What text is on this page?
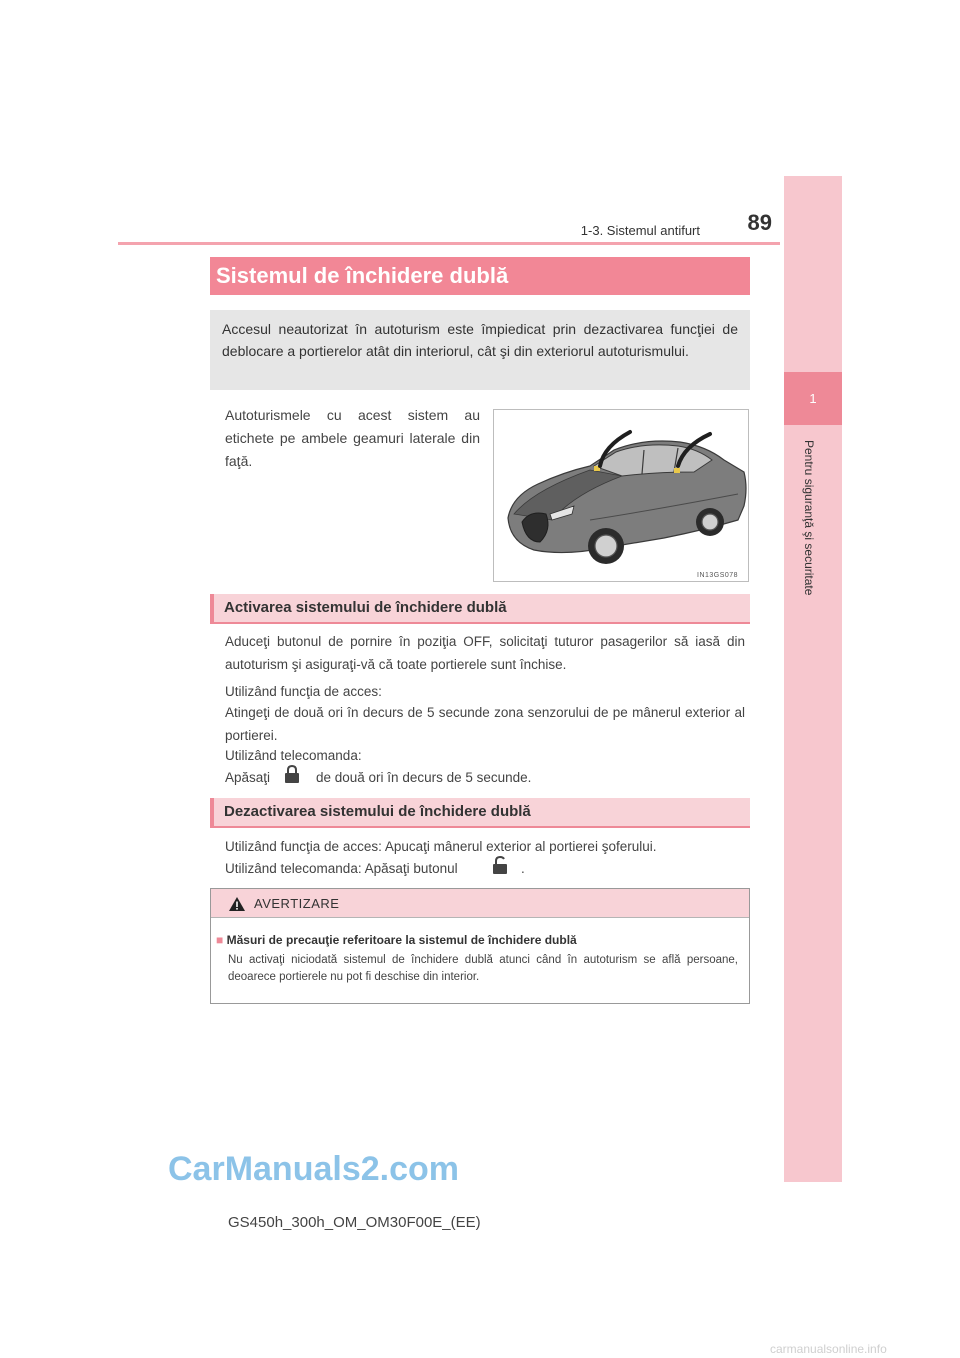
1-3. Sistemul antifurt	89
1
Pentru siguranţă şi securitate
Sistemul de închidere dublă
Accesul neautorizat în autoturism este împiedicat prin dezactivarea funcţiei de deblocare a portierelor atât din interiorul, cât şi din exteriorul autoturismului.
Autoturismele cu acest sistem au etichete pe ambele geamuri laterale din faţă.
IN13GS078
Activarea sistemului de închidere dublă
Aduceţi butonul de pornire în poziţia OFF, solicitaţi tuturor pasagerilor să iasă din autoturism şi asiguraţi-vă că toate portierele sunt închise.
Utilizând funcţia de acces:
Atingeţi de două ori în decurs de 5 secunde zona senzorului de pe mânerul exterior al portierei.
Utilizând telecomanda:
Apăsaţi	de două ori în decurs de 5 secunde.
Dezactivarea sistemului de închidere dublă
Utilizând funcţia de acces: Apucaţi mânerul exterior al portierei şoferului.
Utilizând telecomanda: Apăsaţi butonul	.
AVERTIZARE
■ Măsuri de precauţie referitoare la sistemul de închidere dublă
Nu activaţi niciodată sistemul de închidere dublă atunci când în autoturism se află persoane, deoarece portierele nu pot fi deschise din interior.
CarManuals2.com
GS450h_300h_OM_OM30F00E_(EE)
carmanualsonline.info
